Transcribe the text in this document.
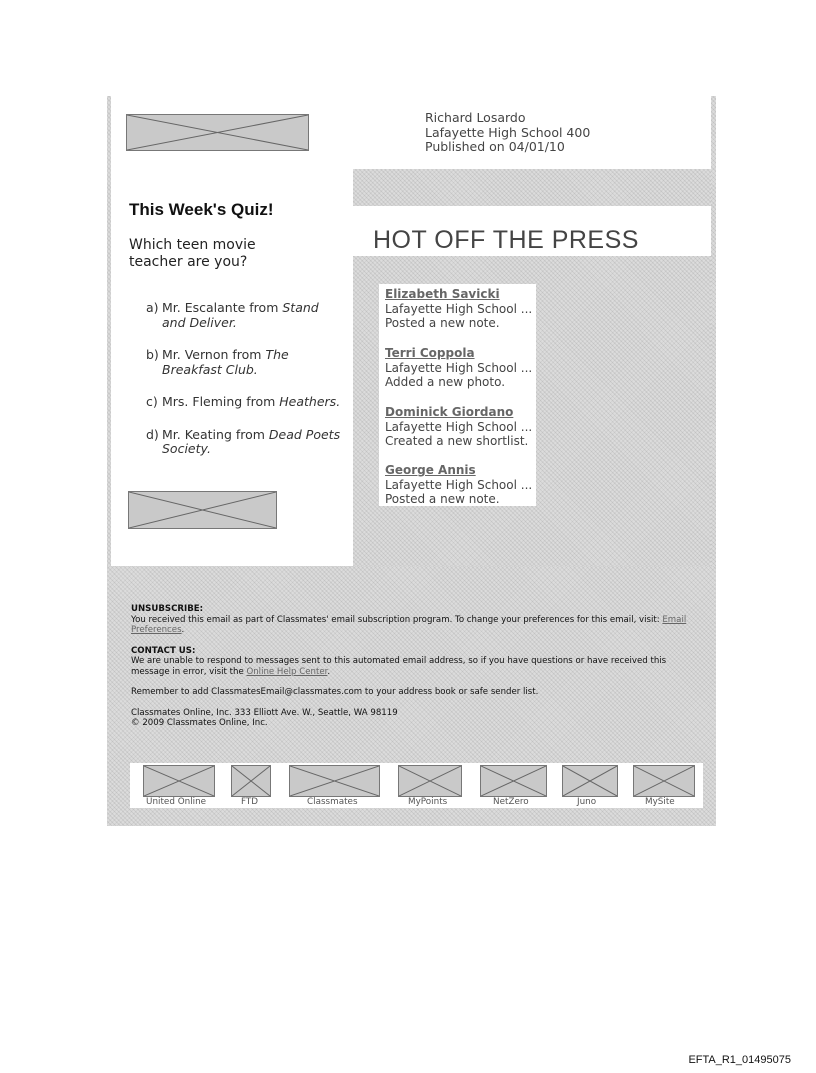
Richard Losardo
Lafayette High School 400
Published on 04/01/10
This Week's Quiz!
Which teen movie teacher are you?
a) Mr. Escalante from Stand and Deliver.
b) Mr. Vernon from The Breakfast Club.
c) Mrs. Fleming from Heathers.
d) Mr. Keating from Dead Poets Society.
HOT OFF THE PRESS
Elizabeth Savicki
Lafayette High School ...
Posted a new note.
Terri Coppola
Lafayette High School ...
Added a new photo.
Dominick Giordano
Lafayette High School ...
Created a new shortlist.
George Annis
Lafayette High School ...
Posted a new note.

UNSUBSCRIBE:

You received this email as part of Classmates' email subscription program. To change your preferences for this email, visit: Email Preferences.

CONTACT US:

We are unable to respond to messages sent to this automated email address, so if you have questions or have received this message in error, visit the Online Help Center.

Remember to add ClassmatesEmail@classmates.com to your address book or safe sender list.

Classmates Online, Inc. 333 Elliott Ave. W., Seattle, WA 98119

© 2009 Classmates Online, Inc.

United Online	FTD	Classmates	MyPoints	NetZero	Juno	MySite
EFTA_R1_01495075
